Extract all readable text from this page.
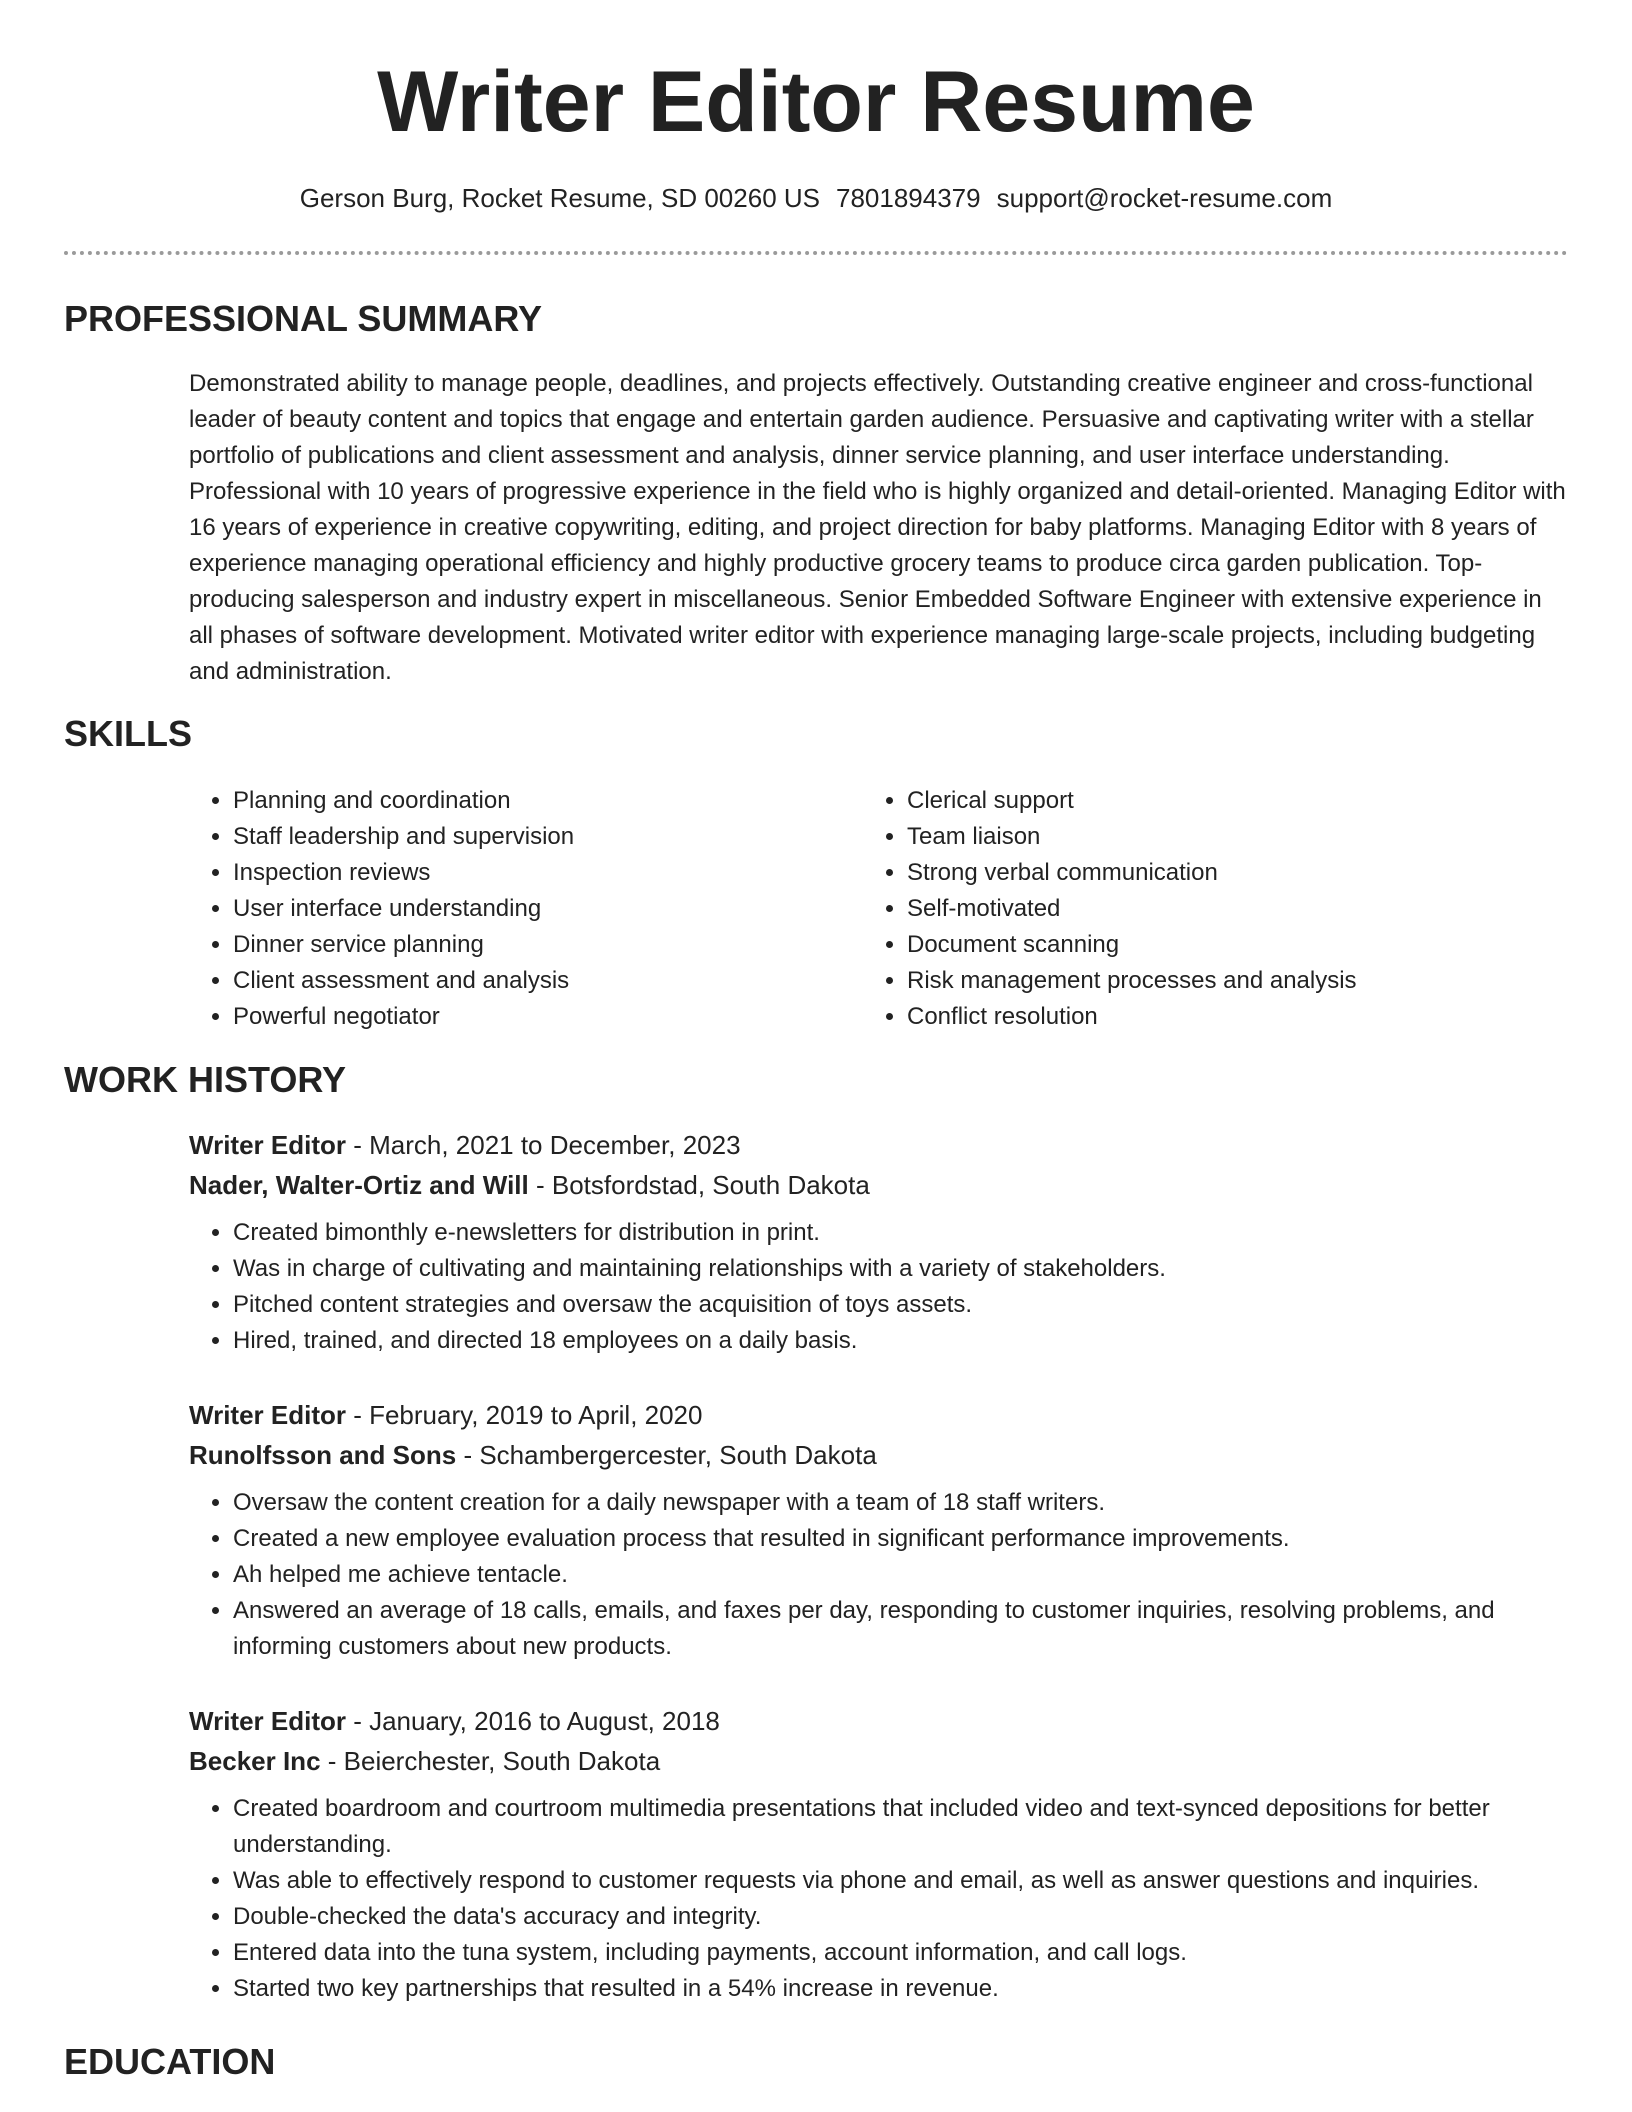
Writer Editor Resume
Gerson Burg, Rocket Resume, SD 00260 US 7801894379 support@rocket-resume.com
PROFESSIONAL SUMMARY

Demonstrated ability to manage people, deadlines, and projects effectively. Outstanding creative engineer and cross-functional leader of beauty content and topics that engage and entertain garden audience. Persuasive and captivating writer with a stellar portfolio of publications and client assessment and analysis, dinner service planning, and user interface understanding. Professional with 10 years of progressive experience in the field who is highly organized and detail-oriented. Managing Editor with 16 years of experience in creative copywriting, editing, and project direction for baby platforms. Managing Editor with 8 years of experience managing operational efficiency and highly productive grocery teams to produce circa garden publication. Top-producing salesperson and industry expert in miscellaneous. Senior Embedded Software Engineer with extensive experience in all phases of software development. Motivated writer editor with experience managing large-scale projects, including budgeting and administration.

SKILLS
• Planning and coordination
• Staff leadership and supervision
• Inspection reviews
• User interface understanding
• Dinner service planning
• Client assessment and analysis
• Powerful negotiator
• Clerical support
• Team liaison
• Strong verbal communication
• Self-motivated
• Document scanning
• Risk management processes and analysis
• Conflict resolution
WORK HISTORY
Writer Editor - March, 2021 to December, 2023
Nader, Walter-Ortiz and Will - Botsfordstad, South Dakota
• Created bimonthly e-newsletters for distribution in print.
• Was in charge of cultivating and maintaining relationships with a variety of stakeholders.
• Pitched content strategies and oversaw the acquisition of toys assets.
• Hired, trained, and directed 18 employees on a daily basis.
Writer Editor - February, 2019 to April, 2020
Runolfsson and Sons - Schambergercester, South Dakota
• Oversaw the content creation for a daily newspaper with a team of 18 staff writers.
• Created a new employee evaluation process that resulted in significant performance improvements.
• Ah helped me achieve tentacle.
• Answered an average of 18 calls, emails, and faxes per day, responding to customer inquiries, resolving problems, and informing customers about new products.
Writer Editor - January, 2016 to August, 2018
Becker Inc - Beierchester, South Dakota
• Created boardroom and courtroom multimedia presentations that included video and text-synced depositions for better understanding.
• Was able to effectively respond to customer requests via phone and email, as well as answer questions and inquiries.
• Double-checked the data's accuracy and integrity.
• Entered data into the tuna system, including payments, account information, and call logs.
• Started two key partnerships that resulted in a 54% increase in revenue.
EDUCATION
